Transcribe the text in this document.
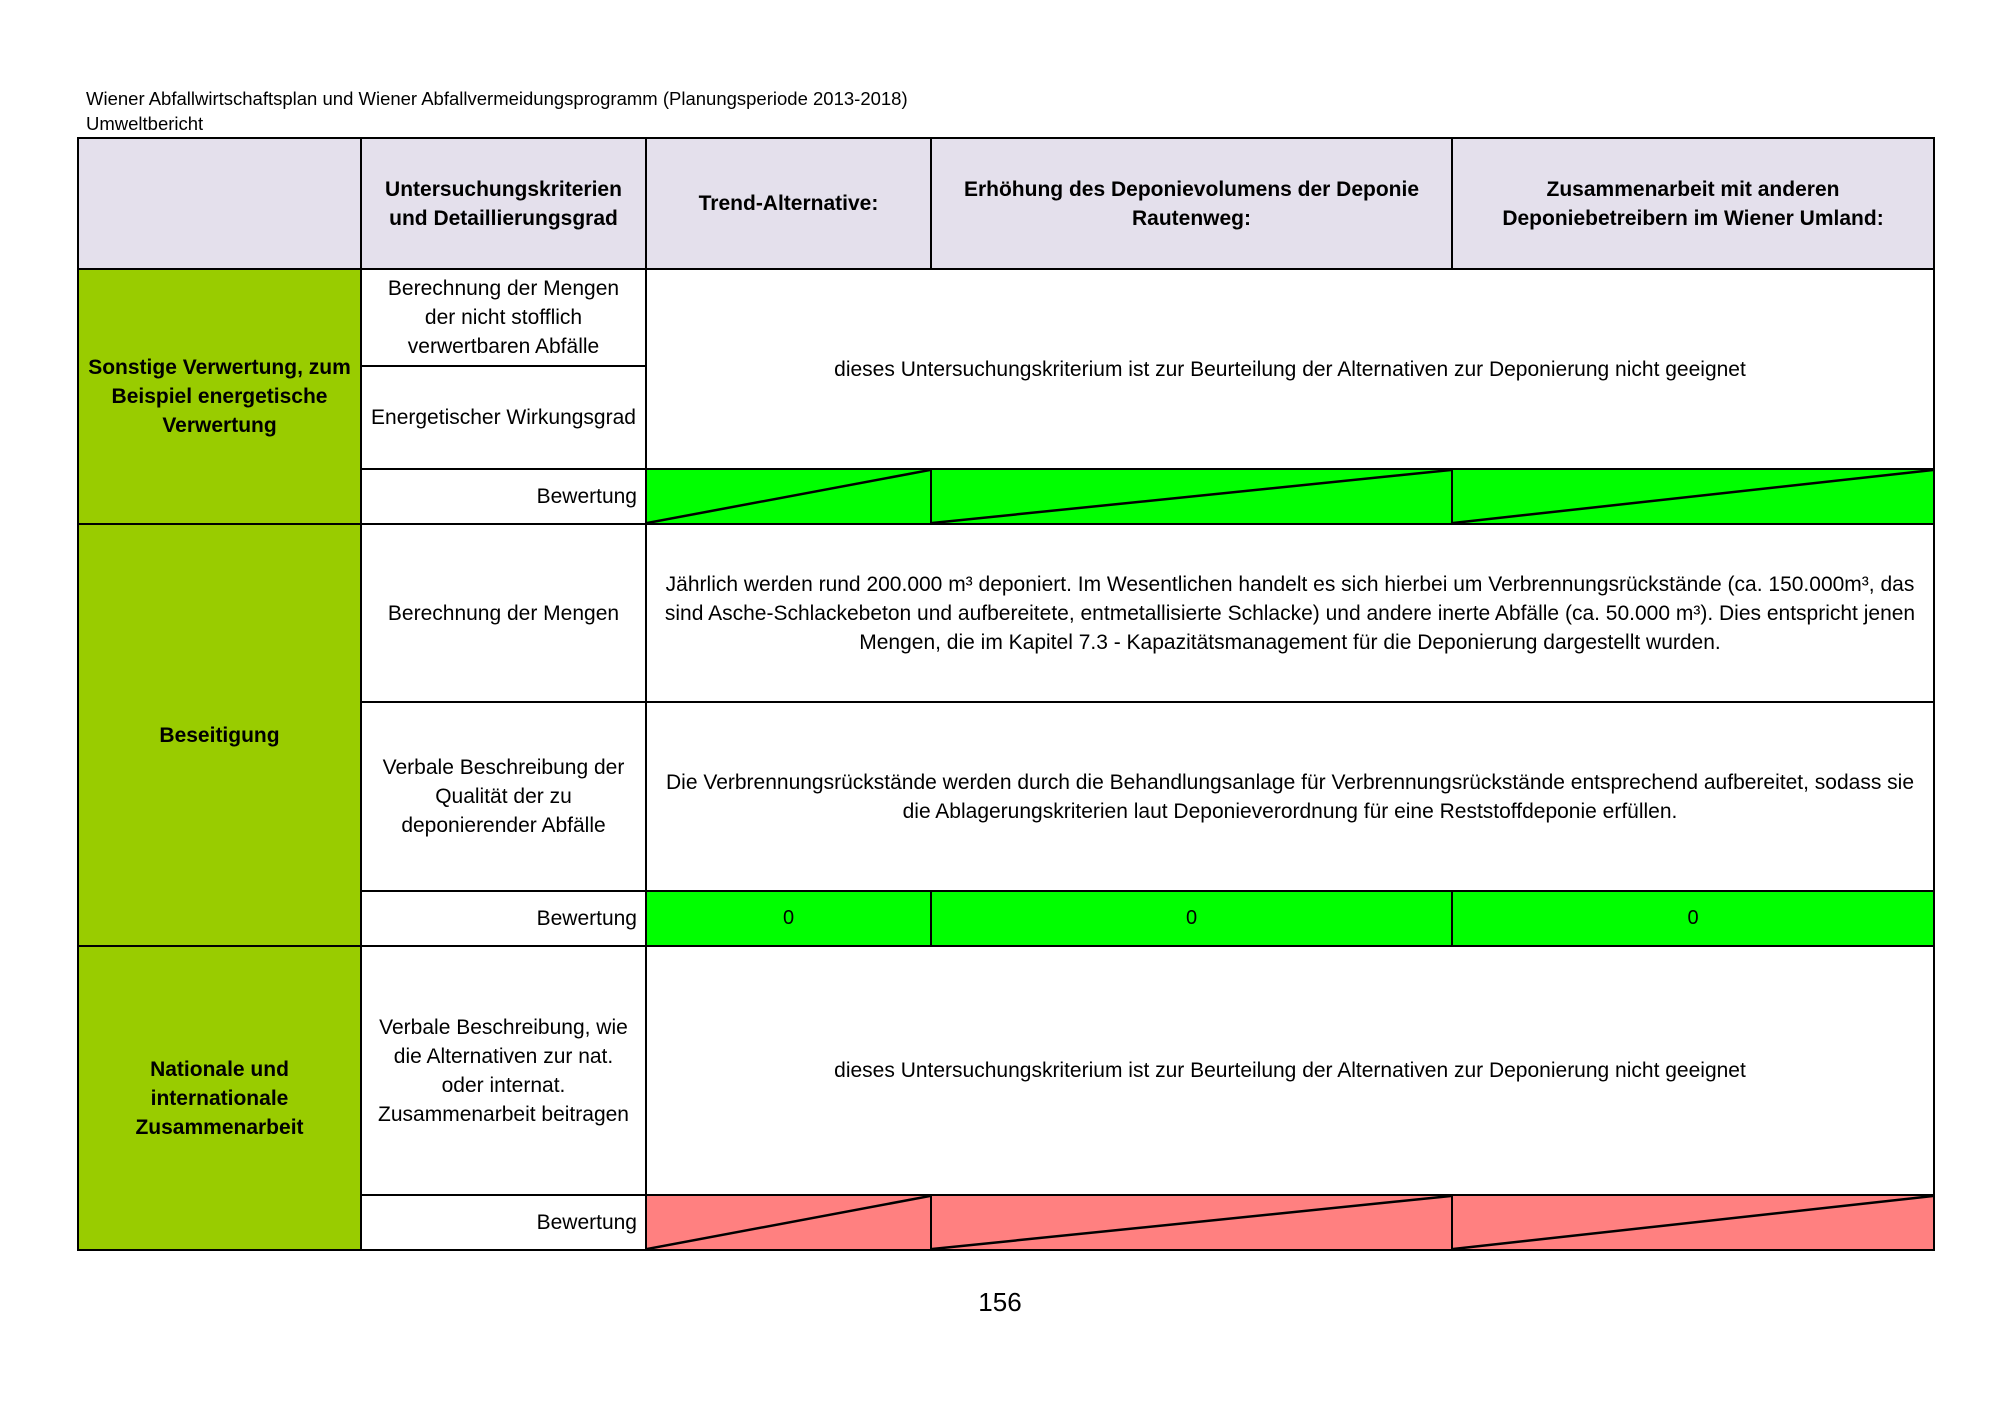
Wiener Abfallwirtschaftsplan und Wiener Abfallvermeidungsprogramm (Planungsperiode 2013-2018)
Umweltbericht
	Untersuchungskriterien und Detaillierungsgrad	Trend-Alternative:	Erhöhung des Deponievolumens der Deponie Rautenweg:	Zusammenarbeit mit anderen Deponiebetreibern im Wiener Umland:
Sonstige Verwertung, zum Beispiel energetische Verwertung	Berechnung der Mengen der nicht stofflich verwertbaren Abfälle	dieses Untersuchungskriterium ist zur Beurteilung der Alternativen zur Deponierung nicht geeignet		
	Energetischer Wirkungsgrad			
	Bewertung	

Beseitigung	Berechnung der Mengen	Jährlich werden rund 200.000 m³ deponiert. Im Wesentlichen handelt es sich hierbei um Verbrennungsrückstände (ca. 150.000m³, das sind Asche-Schlackebeton und aufbereitete, entmetallisierte Schlacke) und andere inerte Abfälle (ca. 50.000 m³). Dies entspricht jenen Mengen, die im Kapitel 7.3 - Kapazitätsmanagement für die Deponierung dargestellt wurden.		
	Verbale Beschreibung der Qualität der zu deponierender Abfälle	Die Verbrennungsrückstände werden durch die Behandlungsanlage für Verbrennungsrückstände entsprechend aufbereitet, sodass sie die Ablagerungskriterien laut Deponieverordnung für eine Reststoffdeponie erfüllen.		
	Bewertung	0	0	0
Nationale und internationale Zusammenarbeit	Verbale Beschreibung, wie die Alternativen zur nat. oder internat. Zusammenarbeit beitragen	dieses Untersuchungskriterium ist zur Beurteilung der Alternativen zur Deponierung nicht geeignet		
	Bewertung	

156
